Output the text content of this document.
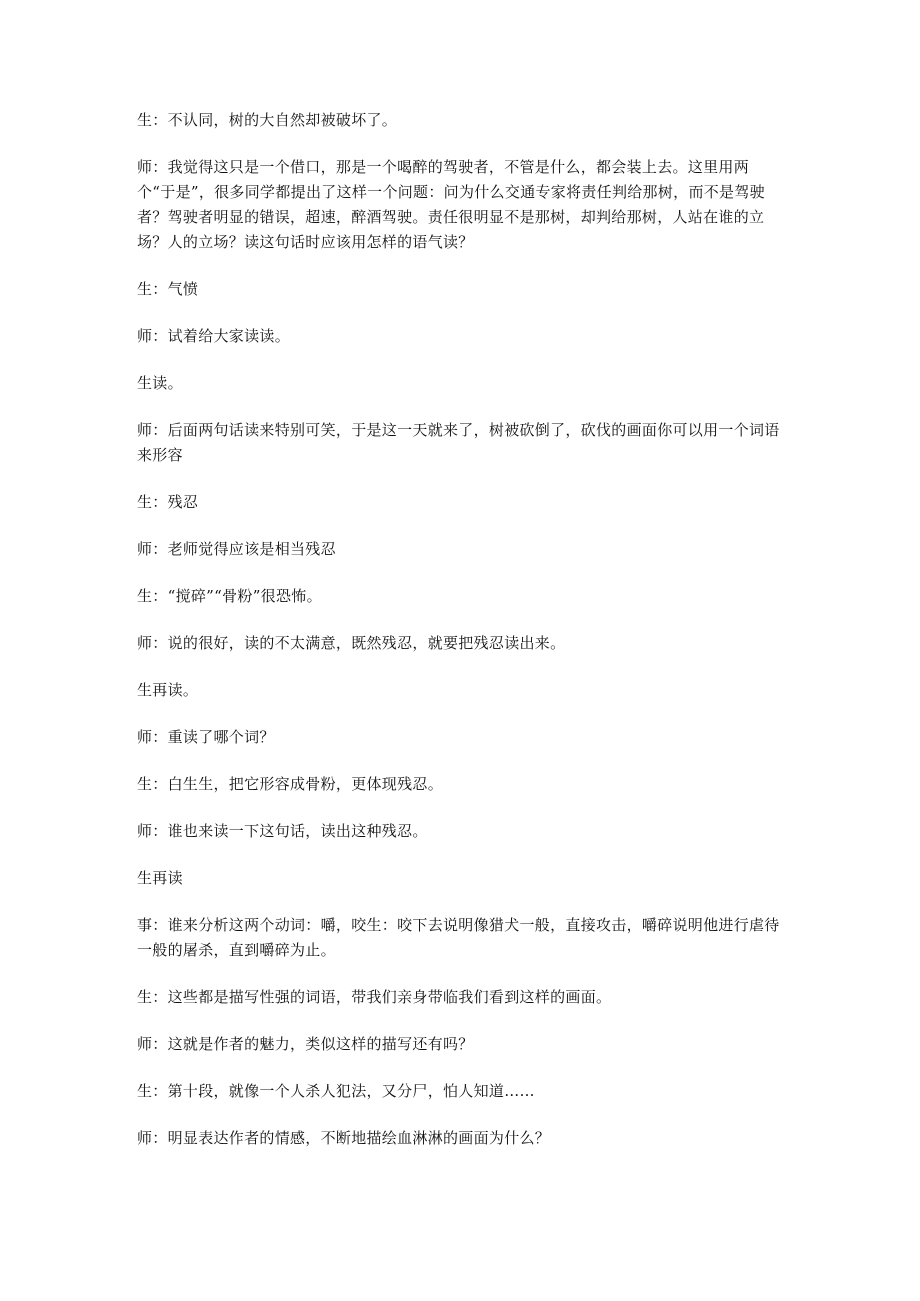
生：不认同，树的大自然却被破坏了。

师：我觉得这只是一个借口，那是一个喝醉的驾驶者，不管是什么，都会装上去。这里用两个“于是”，很多同学都提出了这样一个问题：问为什么交通专家将责任判给那树，而不是驾驶者？驾驶者明显的错误，超速，醉酒驾驶。责任很明显不是那树，却判给那树，人站在谁的立场？人的立场？读这句话时应该用怎样的语气读？

生：气愤

师：试着给大家读读。

生读。

师：后面两句话读来特别可笑，于是这一天就来了，树被砍倒了，砍伐的画面你可以用一个词语来形容

生：残忍

师：老师觉得应该是相当残忍

生：“搅碎”“骨粉”很恐怖。

师：说的很好，读的不太满意，既然残忍，就要把残忍读出来。

生再读。

师：重读了哪个词？

生：白生生，把它形容成骨粉，更体现残忍。

师：谁也来读一下这句话，读出这种残忍。

生再读

事：谁来分析这两个动词：嚼，咬生：咬下去说明像猎犬一般，直接攻击，嚼碎说明他进行虐待一般的屠杀，直到嚼碎为止。

生：这些都是描写性强的词语，带我们亲身带临我们看到这样的画面。

师：这就是作者的魅力，类似这样的描写还有吗？

生：第十段，就像一个人杀人犯法，又分尸，怕人知道……

师：明显表达作者的情感，不断地描绘血淋淋的画面为什么？
